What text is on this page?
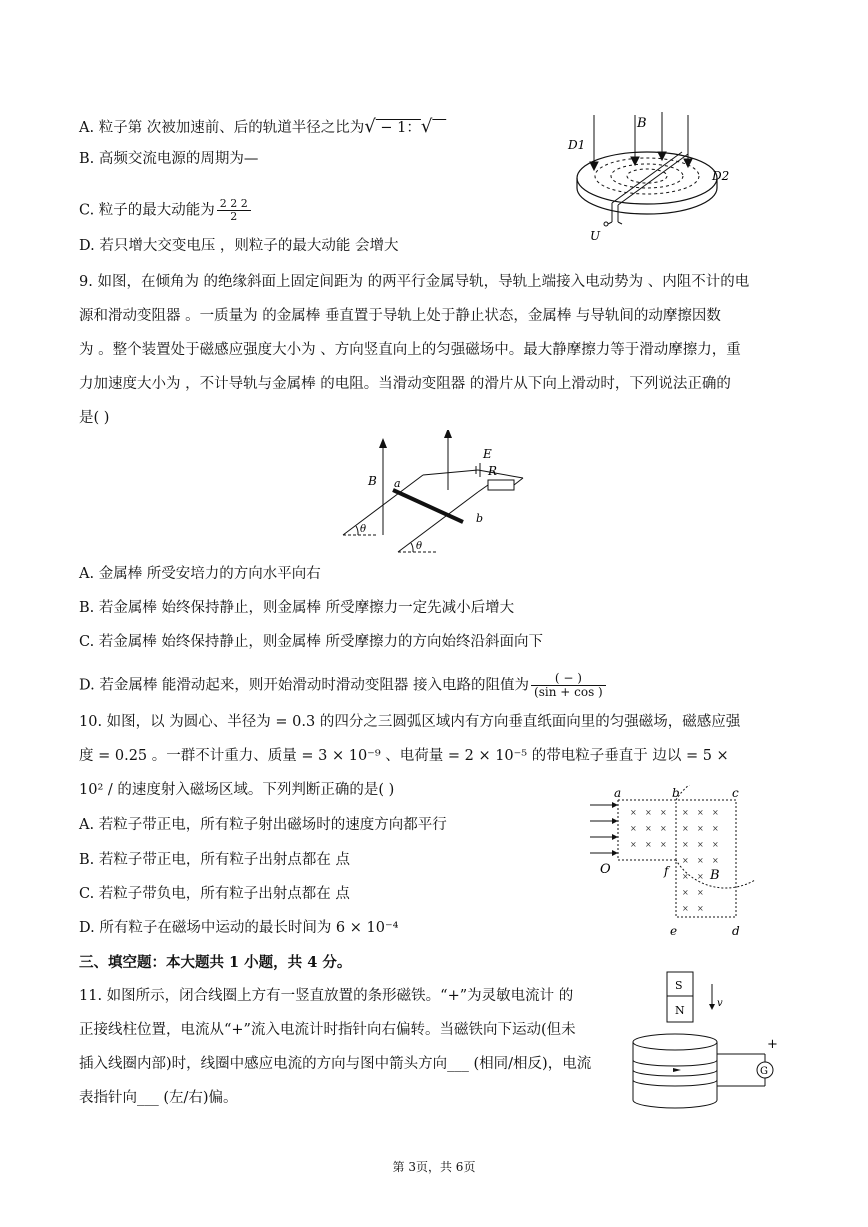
A. 粒子第 次被加速前、后的轨道半径之比为√ − 1：√
B. 高频交流电源的周期为—
C. 粒子的最大动能为 $\frac{2 2 2}{2}$
D. 若只增大交变电压 ，则粒子的最大动能 会增大
B
D1
D2
U
9. 如图，在倾角为 的绝缘斜面上固定间距为 的两平行金属导轨，导轨上端接入电动势为 、内阻不计的电
源和滑动变阻器 。一质量为 的金属棒 垂直置于导轨上处于静止状态，金属棒 与导轨间的动摩擦因数
为 。整个装置处于磁感应强度大小为 、方向竖直向上的匀强磁场中。最大静摩擦力等于滑动摩擦力，重
力加速度大小为 ，不计导轨与金属棒 的电阻。当滑动变阻器 的滑片从下向上滑动时，下列说法正确的
是( )
B
E
R
a
b
θ
θ
A. 金属棒 所受安培力的方向水平向右
B. 若金属棒 始终保持静止，则金属棒 所受摩擦力一定先减小后增大
C. 若金属棒 始终保持静止，则金属棒 所受摩擦力的方向始终沿斜面向下
D. 若金属棒 能滑动起来，则开始滑动时滑动变阻器 接入电路的阻值为 $\frac{( - )}{(\sin + \cos )}$
10. 如图，以 为圆心、半径为 = 0.3 的四分之三圆弧区域内有方向垂直纸面向里的匀强磁场，磁感应强
度 = 0.25 。一群不计重力、质量 = 3 × 10⁻⁹ 、电荷量 = 2 × 10⁻⁵ 的带电粒子垂直于 边以 = 5 ×
10² / 的速度射入磁场区域。下列判断正确的是( )
A. 若粒子带正电，所有粒子射出磁场时的速度方向都平行
B. 若粒子带正电，所有粒子出射点都在 点
C. 若粒子带负电，所有粒子出射点都在 点
D. 所有粒子在磁场中运动的最长时间为 6 × 10⁻⁴
× × ×
× × ×
× × ×
× × ×
× × ×
× × ×
× × ×
× ×
× ×
× ×
a	b	c
O	f	B
e	d
三、填空题：本大题共 1 小题，共 4 分。
11. 如图所示，闭合线圈上方有一竖直放置的条形磁铁。“+”为灵敏电流计 的
正接线柱位置，电流从“+”流入电流计时指针向右偏转。当磁铁向下运动(但未
插入线圈内部)时，线圈中感应电流的方向与图中箭头方向___ (相同/相反)，电流
表指针向___ (左/右)偏。
S
N
v
+
G
第 3页，共 6页
